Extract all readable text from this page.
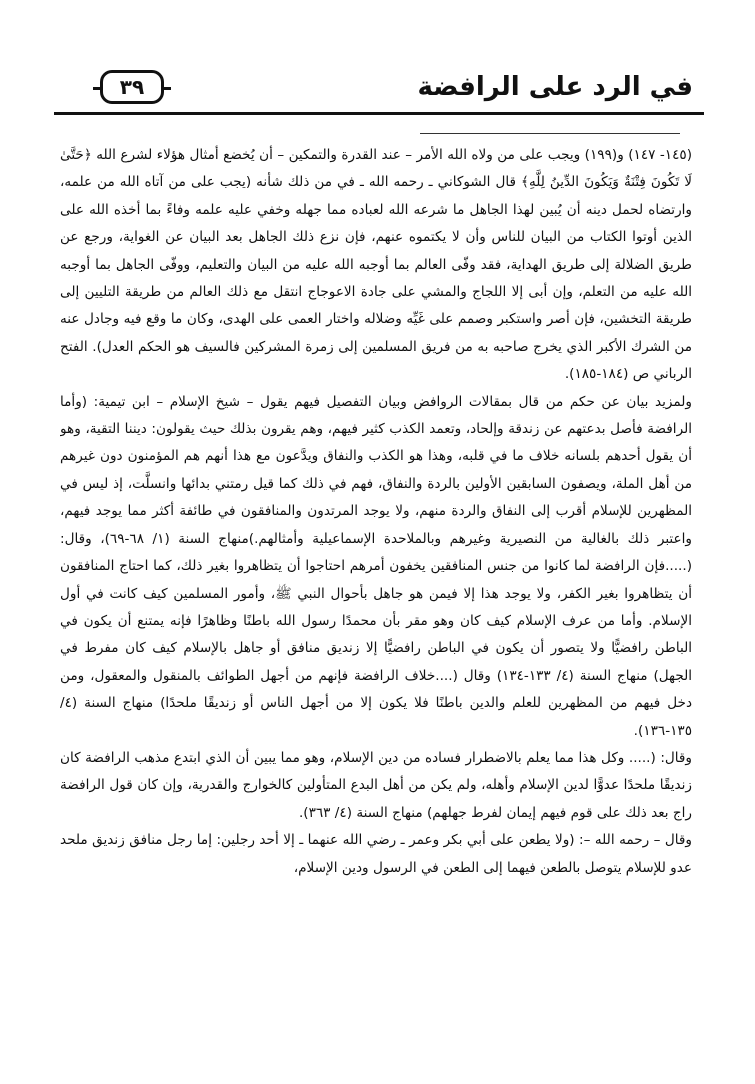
في الرد على الرافضة
٣٩

(١٤٥- ١٤٧) و(١٩٩) ويجب على من ولاه الله الأمر – عند القدرة والتمكين – أن يُخضع أمثال هؤلاء لشرع الله ﴿حَتَّىٰ لَا تَكُونَ فِتْنَةٌ وَيَكُونَ الدِّينُ لِلَّهِ﴾ قال الشوكاني ـ رحمه الله ـ في من ذلك شأنه (يجب على من آتاه الله من علمه، وارتضاه لحمل دينه أن يُبين لهذا الجاهل ما شرعه الله لعباده مما جهله وخفي عليه علمه وفاءً بما أخذه الله على الذين أوتوا الكتاب من البيان للناس وأن لا يكتموه عنهم، فإن نزع ذلك الجاهل بعد البيان عن الغواية، ورجع عن طريق الضلالة إلى طريق الهداية، فقد وفّى العالم بما أوجبه الله عليه من البيان والتعليم، ووفّى الجاهل بما أوجبه الله عليه من التعلم، وإن أبى إلا اللجاج والمشي على جادة الاعوجاج انتقل مع ذلك العالم من طريقة التليين إلى طريقة التخشين، فإن أصر واستكبر وصمم على غَيِّه وضلاله واختار العمى على الهدى، وكان ما وقع فيه وجادل عنه من الشرك الأكبر الذي يخرج صاحبه به من فريق المسلمين إلى زمرة المشركين فالسيف هو الحكم العدل). الفتح الرباني ص (١٨٤-١٨٥).

ولمزيد بيان عن حكم من قال بمقالات الروافض وبيان التفصيل فيهم يقول – شيخ الإسلام – ابن تيمية: (وأما الرافضة فأصل بدعتهم عن زندقة وإلحاد، وتعمد الكذب كثير فيهم، وهم يقرون بذلك حيث يقولون: ديننا التقية، وهو أن يقول أحدهم بلسانه خلاف ما في قلبه، وهذا هو الكذب والنفاق ويدَّعون مع هذا أنهم هم المؤمنون دون غيرهم من أهل الملة، ويصفون السابقين الأولين بالردة والنفاق، فهم في ذلك كما قيل رمتني بدائها وانسلَّت، إذ ليس في المظهرين للإسلام أقرب إلى النفاق والردة منهم، ولا يوجد المرتدون والمنافقون في طائفة أكثر مما يوجد فيهم، واعتبر ذلك بالغالية من النصيرية وغيرهم وبالملاحدة الإسماعيلية وأمثالهم.)منهاج السنة (١/ ٦٨-٦٩)، وقال: (.....فإن الرافضة لما كانوا من جنس المنافقين يخفون أمرهم احتاجوا أن يتظاهروا بغير ذلك، كما احتاج المنافقون أن يتظاهروا بغير الكفر، ولا يوجد هذا إلا فيمن هو جاهل بأحوال النبي ﷺ، وأمور المسلمين كيف كانت في أول الإسلام. وأما من عرف الإسلام كيف كان وهو مقر بأن محمدًا رسول الله باطنًا وظاهرًا فإنه يمتنع أن يكون في الباطن رافضيًّا ولا يتصور أن يكون في الباطن رافضيًّا إلا زنديق منافق أو جاهل بالإسلام كيف كان مفرط في الجهل) منهاج السنة (٤/ ١٣٣-١٣٤) وقال (....خلاف الرافضة فإنهم من أجهل الطوائف بالمنقول والمعقول، ومن دخل فيهم من المظهرين للعلم والدين باطنًا فلا يكون إلا من أجهل الناس أو زنديقًا ملحدًا) منهاج السنة (٤/ ١٣٥-١٣٦).

وقال: (..... وكل هذا مما يعلم بالاضطرار فساده من دين الإسلام، وهو مما يبين أن الذي ابتدع مذهب الرافضة كان زنديقًا ملحدًا عدوًّا لدين الإسلام وأهله، ولم يكن من أهل البدع المتأولين كالخوارج والقدرية، وإن كان قول الرافضة راج بعد ذلك على قوم فيهم إيمان لفرط جهلهم) منهاج السنة (٤/ ٣٦٣).

وقال – رحمه الله –: (ولا يطعن على أبي بكر وعمر ـ رضي الله عنهما ـ إلا أحد رجلين: إما رجل منافق زنديق ملحد عدو للإسلام يتوصل بالطعن فيهما إلى الطعن في الرسول ودين الإسلام،
